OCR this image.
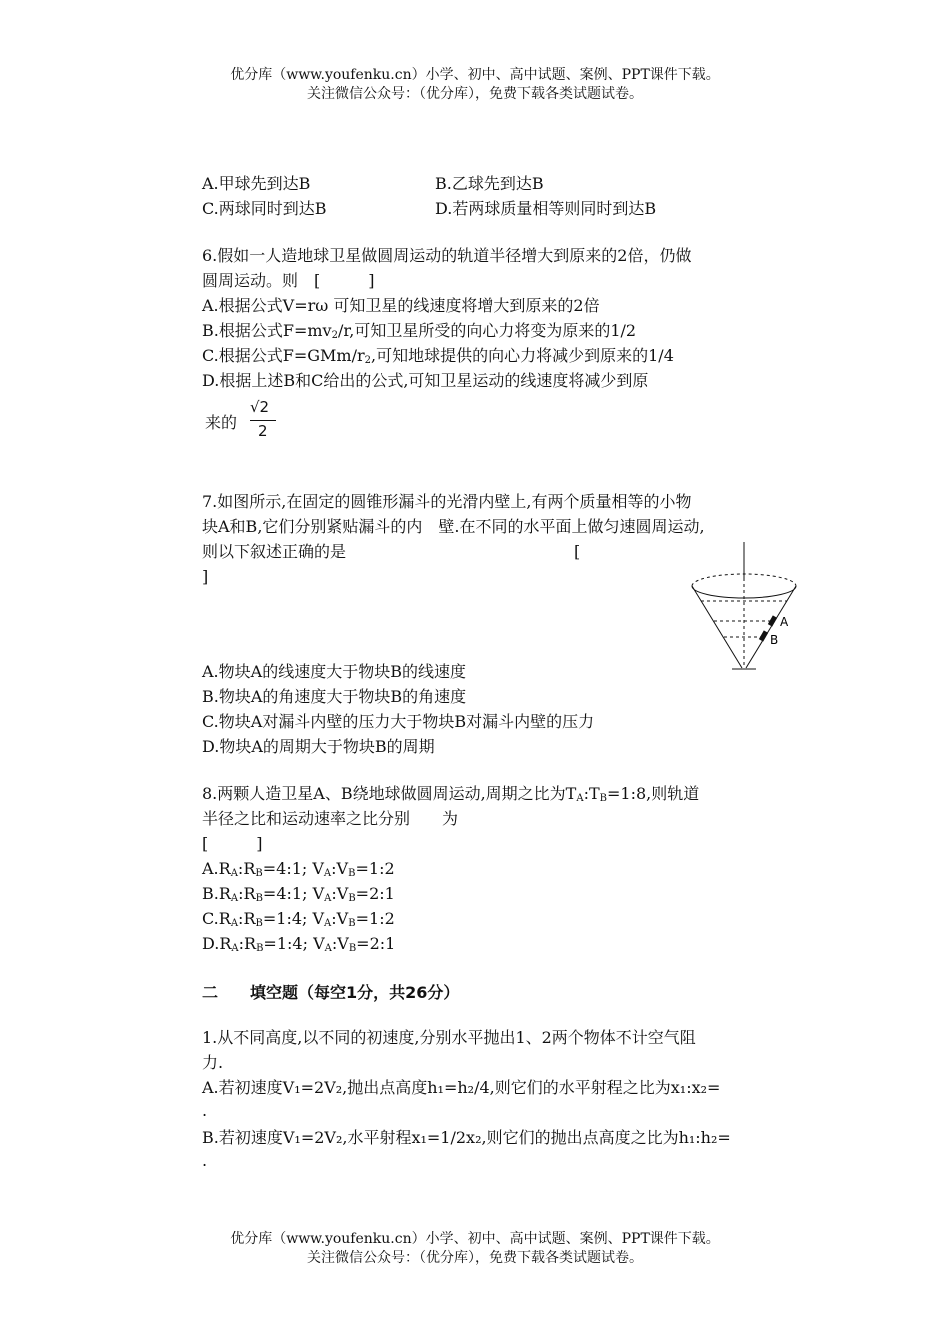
优分库（www.youfenku.cn）小学、初中、高中试题、案例、PPT课件下载。
关注微信公众号：（优分库），免费下载各类试题试卷。
A.甲球先到达B	B.乙球先到达B
C.两球同时到达B	D.若两球质量相等则同时到达B
6.假如一人造地球卫星做圆周运动的轨道半径增大到原来的2倍，仍做
圆周运动。则　[　　　]
A.根据公式V=rω 可知卫星的线速度将增大到原来的2倍
B.根据公式$F=mv_2/r$,可知卫星所受的向心力将变为原来的1/2
C.根据公式$F=GMm/r_2$,可知地球提供的向心力将减少到原来的1/4
D.根据上述B和C给出的公式,可知卫星运动的线速度将减少到原
来的
√2
2
7.如图所示,在固定的圆锥形漏斗的光滑内壁上,有两个质量相等的小物
块A和B,它们分别紧贴漏斗的内　壁.在不同的水平面上做匀速圆周运动,
则以下叙述正确的是	[
]
A
B
A.物块A的线速度大于物块B的线速度
B.物块A的角速度大于物块B的角速度
C.物块A对漏斗内壁的压力大于物块B对漏斗内壁的压力
D.物块A的周期大于物块B的周期
8.两颗人造卫星A、B绕地球做圆周运动,周期之比为$T_A:T_B=1:8$,则轨道
半径之比和运动速率之比分别　　为
[　　　]
$A.R_A:R_B=4:1$; $V_A:V_B=1:2$
$B.R_A:R_B=4:1$; $V_A:V_B=2:1$
$C.R_A:R_B=1:4$; $V_A:V_B=1:2$
$D.R_A:R_B=1:4$; $V_A:V_B=2:1$
二 填空题（每空1分，共26分）
1.从不同高度,以不同的初速度,分别水平抛出1、2两个物体不计空气阻
力.
A.若初速度V₁=2V₂,抛出点高度h₁=h₂/4,则它们的水平射程之比为x₁:x₂=
.
B.若初速度V₁=2V₂,水平射程x₁=1/2x₂,则它们的抛出点高度之比为h₁:h₂=
.
优分库（www.youfenku.cn）小学、初中、高中试题、案例、PPT课件下载。
关注微信公众号：（优分库），免费下载各类试题试卷。
